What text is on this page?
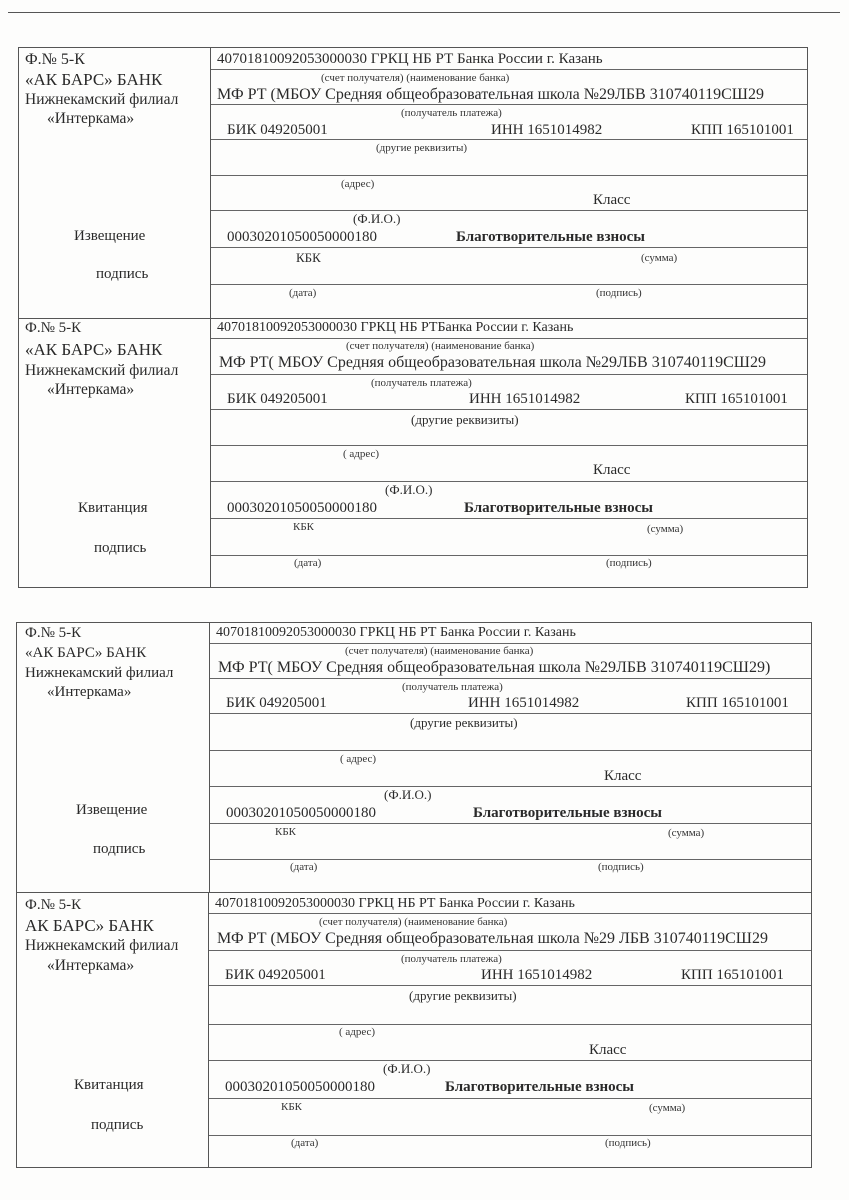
Ф.№ 5-К
«АК БАРС» БАНК
Нижнекамский филиал
«Интеркама»
Извещение
подпись
40701810092053000030 ГРКЦ НБ РТ Банка России г. Казань
(счет получателя) (наименование банка)
МФ РТ (МБОУ Средняя общеобразовательная школа №29ЛБВ 310740119СШ29
(получатель платежа)
БИК 049205001	ИНН 1651014982	КПП 165101001
(другие реквизиты)
(адрес)
Класс
(Ф.И.О.)
00030201050050000180	Благотворительные взносы
КБК	(сумма)
(дата)	(подпись)
Ф.№ 5-К
«АК БАРС» БАНК
Нижнекамский филиал
«Интеркама»
Квитанция
подпись
40701810092053000030 ГРКЦ НБ РТБанка России г. Казань
(счет получателя) (наименование банка)
МФ РТ( МБОУ Средняя общеобразовательная школа №29ЛБВ 310740119СШ29
(получатель платежа)
БИК 049205001	ИНН 1651014982	КПП 165101001
(другие реквизиты)
( адрес)
Класс
(Ф.И.О.)
00030201050050000180	Благотворительные взносы
КБК	(сумма)
(дата)	(подпись)
Ф.№ 5-К
«АК БАРС» БАНК
Нижнекамский филиал
«Интеркама»
Извещение
подпись
40701810092053000030 ГРКЦ НБ РТ Банка России г. Казань
(счет получателя) (наименование банка)
МФ РТ( МБОУ Средняя общеобразовательная школа №29ЛБВ 310740119СШ29)
(получатель платежа)
БИК 049205001	ИНН 1651014982	КПП 165101001
(другие реквизиты)
( адрес)
Класс
(Ф.И.О.)
00030201050050000180	Благотворительные взносы
КБК	(сумма)
(дата)	(подпись)
Ф.№ 5-К
АК БАРС» БАНК
Нижнекамский филиал
«Интеркама»
Квитанция
подпись
40701810092053000030 ГРКЦ НБ РТ Банка России г. Казань
(счет получателя) (наименование банка)
МФ РТ (МБОУ Средняя общеобразовательная школа №29 ЛБВ 310740119СШ29
(получатель платежа)
БИК 049205001	ИНН 1651014982	КПП 165101001
(другие реквизиты)
( адрес)
Класс
(Ф.И.О.)
00030201050050000180	Благотворительные взносы
КБК	(сумма)
(дата)	(подпись)
